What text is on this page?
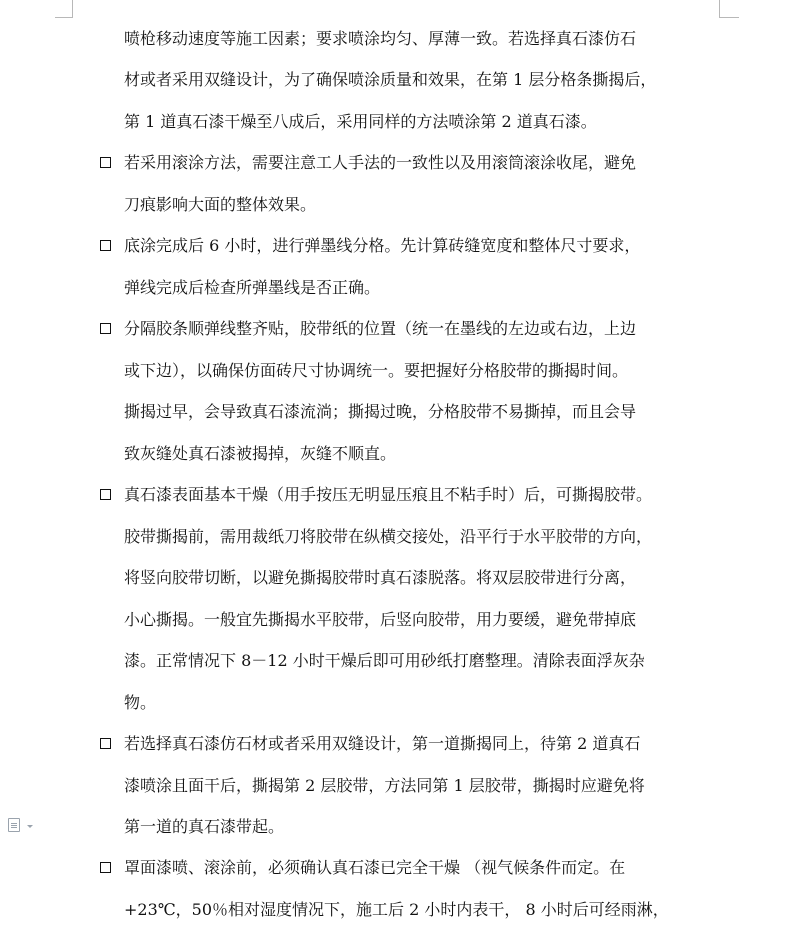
喷枪移动速度等施工因素；要求喷涂均匀、厚薄一致。若选择真石漆仿石
材或者采用双缝设计，为了确保喷涂质量和效果，在第 1 层分格条撕揭后，
第 1 道真石漆干燥至八成后，采用同样的方法喷涂第 2 道真石漆。
若采用滚涂方法，需要注意工人手法的一致性以及用滚筒滚涂收尾，避免
刀痕影响大面的整体效果。
底涂完成后 6 小时，进行弹墨线分格。先计算砖缝宽度和整体尺寸要求，
弹线完成后检查所弹墨线是否正确。
分隔胶条顺弹线整齐贴，胶带纸的位置（统一在墨线的左边或右边，上边
或下边），以确保仿面砖尺寸协调统一。要把握好分格胶带的撕揭时间。
撕揭过早，会导致真石漆流淌；撕揭过晚，分格胶带不易撕掉，而且会导
致灰缝处真石漆被揭掉，灰缝不顺直。
真石漆表面基本干燥（用手按压无明显压痕且不粘手时）后，可撕揭胶带。
胶带撕揭前，需用裁纸刀将胶带在纵横交接处，沿平行于水平胶带的方向，
将竖向胶带切断，以避免撕揭胶带时真石漆脱落。将双层胶带进行分离，
小心撕揭。一般宜先撕揭水平胶带，后竖向胶带，用力要缓，避免带掉底
漆。正常情况下 8－12 小时干燥后即可用砂纸打磨整理。清除表面浮灰杂
物。
若选择真石漆仿石材或者采用双缝设计，第一道撕揭同上，待第 2 道真石
漆喷涂且面干后，撕揭第 2 层胶带，方法同第 1 层胶带，撕揭时应避免将
第一道的真石漆带起。
罩面漆喷、滚涂前，必须确认真石漆已完全干燥 （视气候条件而定。在
+23℃，50％相对湿度情况下，施工后 2 小时内表干， 8 小时后可经雨淋，
